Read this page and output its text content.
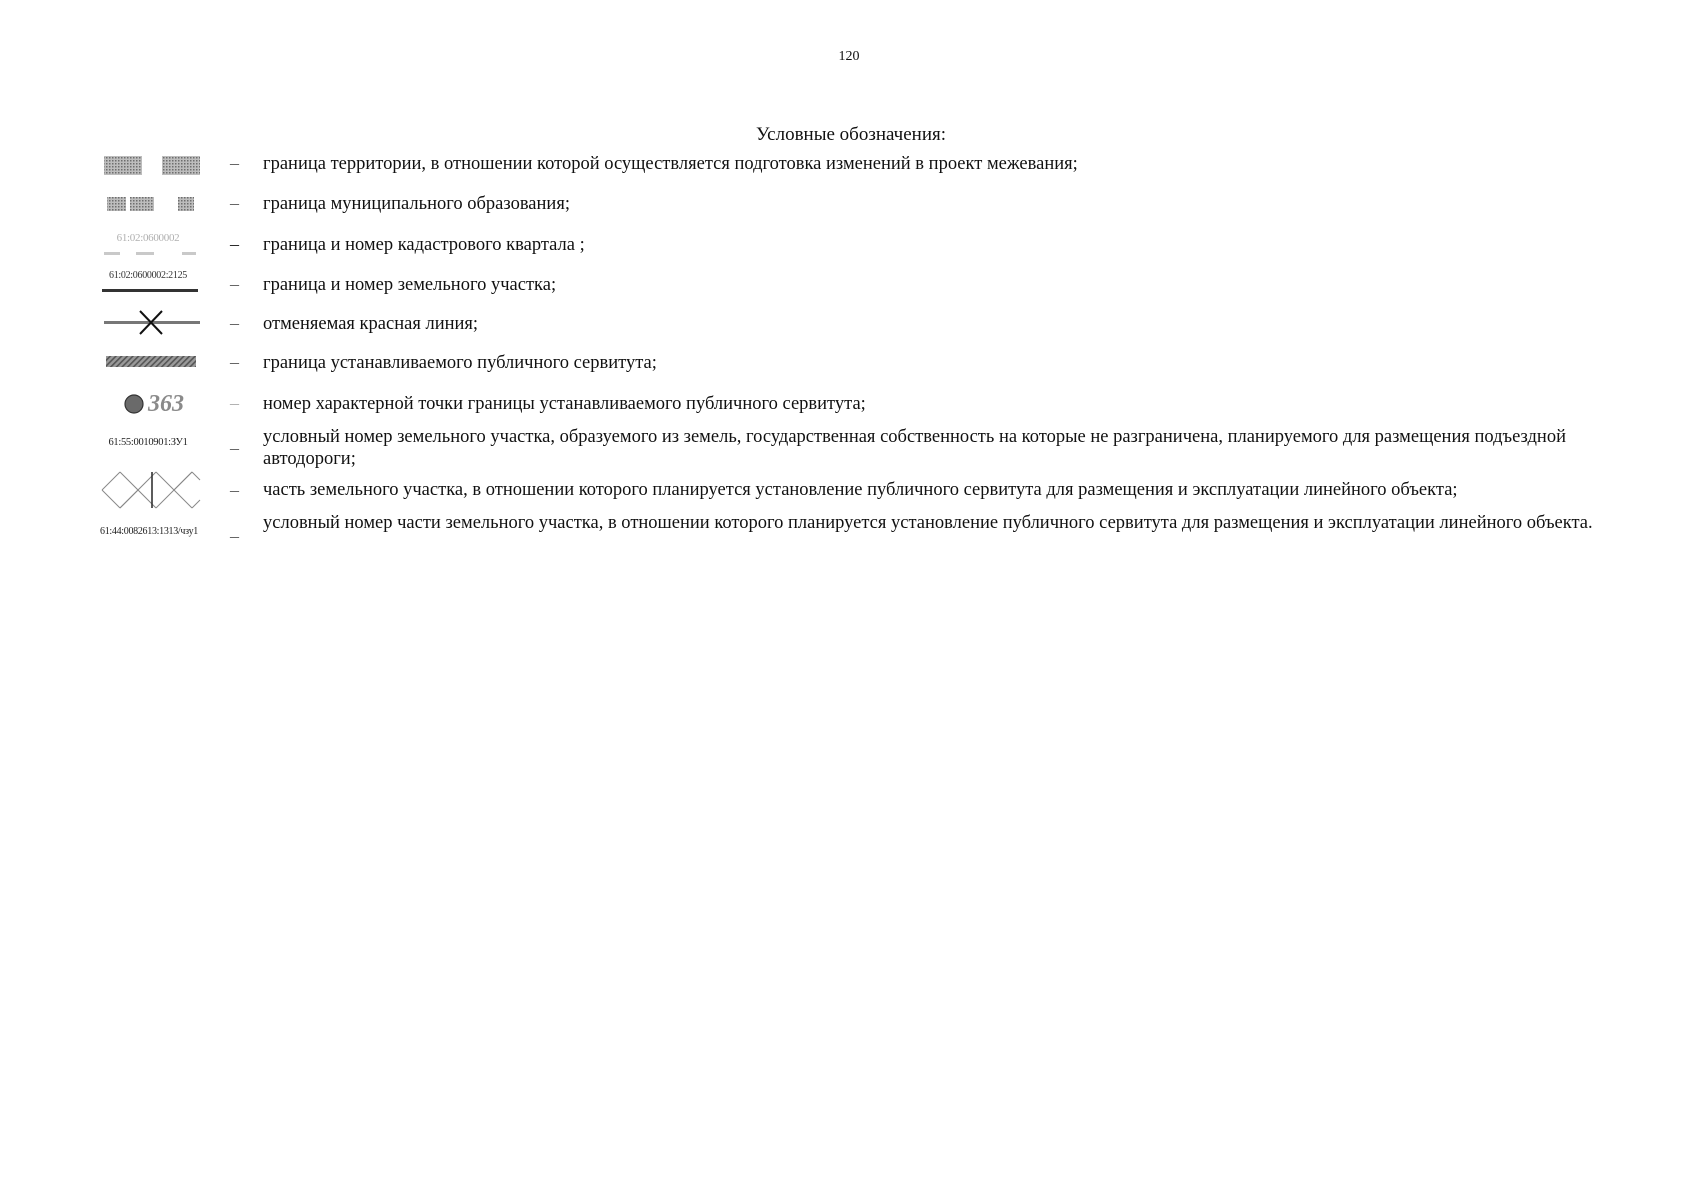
120
Условные обозначения:
– граница территории, в отношении которой осуществляется подготовка изменений в проект межевания;
– граница муниципального образования;
61:02:0600002	– граница и номер кадастрового квартала ;
61:02:0600002:2125	– граница и номер земельного участка;
– отменяемая красная линия;
– граница устанавливаемого публичного сервитута;
363	– номер характерной точки границы устанавливаемого публичного сервитута;
61:55:0010901:ЗУ1	–
условный номер земельного участка, образуемого из земель, государственная собственность на которые не разграничена, планируемого для размещения подъездной автодороги;
– часть земельного участка, в отношении которого планируется установление публичного сервитута для размещения и эксплуатации линейного объекта;
61:44:0082613:1313/чзу1	–
условный номер части земельного участка, в отношении которого планируется установление публичного сервитута для размещения и эксплуатации линейного объекта.
